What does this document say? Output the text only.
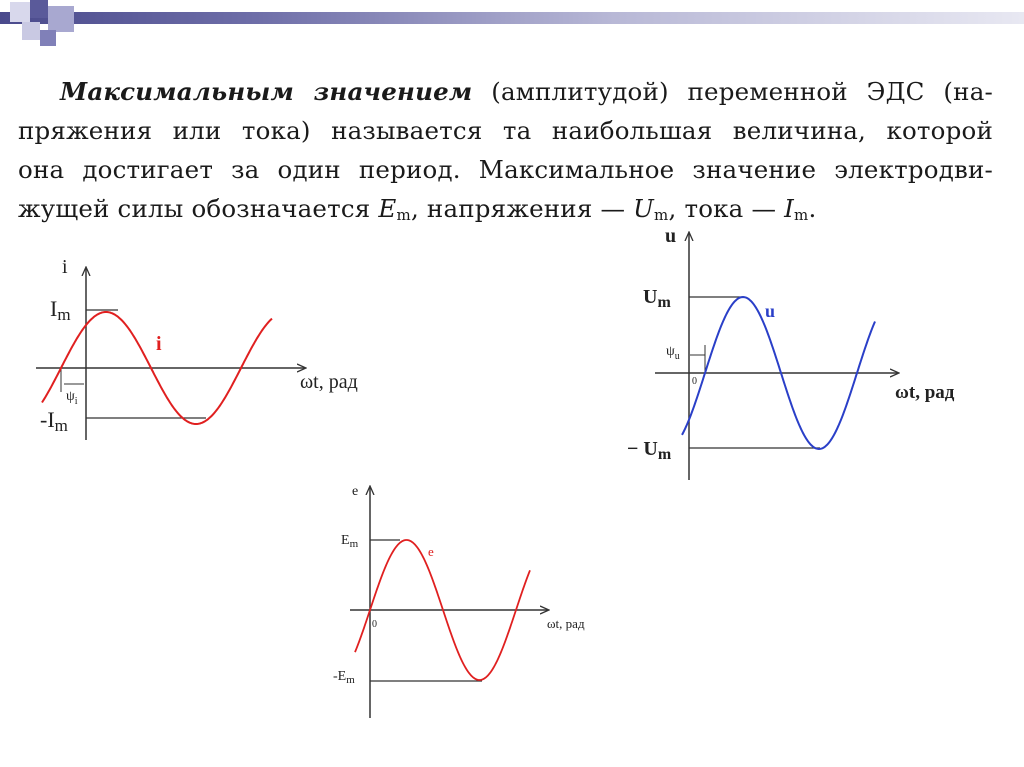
Максимальным значением (амплитудой) переменной ЭДС (на-
пряжения или тока) называется та наибольшая величина, которой
она достигает за один период. Максимальное значение электродви-
жущей силы обозначается $E_m$, напряжения — $U_m$, тока — $I_m$.
i
Im
-Im
i
$\psi_i$
ωt, рад
u
$U_m$
− $U_m$
u
$\psi_u$
0
ωt, рад
e
$E_m$
$-E_m$
e
0	ωt, рад
